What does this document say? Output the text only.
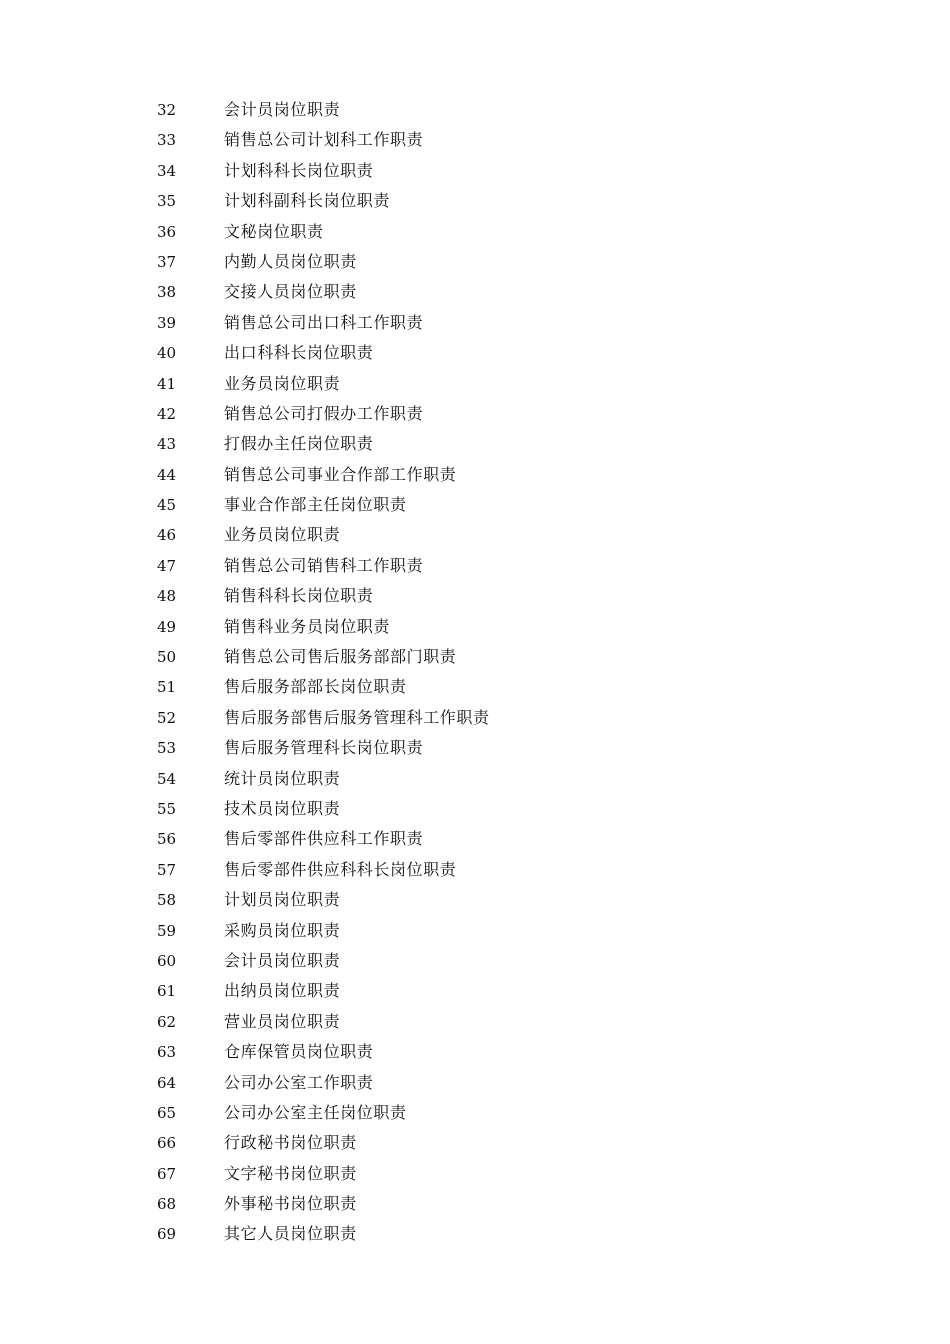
32	会计员岗位职责
33	销售总公司计划科工作职责
34	计划科科长岗位职责
35	计划科副科长岗位职责
36	文秘岗位职责
37	内勤人员岗位职责
38	交接人员岗位职责
39	销售总公司出口科工作职责
40	出口科科长岗位职责
41	业务员岗位职责
42	销售总公司打假办工作职责
43	打假办主任岗位职责
44	销售总公司事业合作部工作职责
45	事业合作部主任岗位职责
46	业务员岗位职责
47	销售总公司销售科工作职责
48	销售科科长岗位职责
49	销售科业务员岗位职责
50	销售总公司售后服务部部门职责
51	售后服务部部长岗位职责
52	售后服务部售后服务管理科工作职责
53	售后服务管理科长岗位职责
54	统计员岗位职责
55	技术员岗位职责
56	售后零部件供应科工作职责
57	售后零部件供应科科长岗位职责
58	计划员岗位职责
59	采购员岗位职责
60	会计员岗位职责
61	出纳员岗位职责
62	营业员岗位职责
63	仓库保管员岗位职责
64	公司办公室工作职责
65	公司办公室主任岗位职责
66	行政秘书岗位职责
67	文字秘书岗位职责
68	外事秘书岗位职责
69	其它人员岗位职责
